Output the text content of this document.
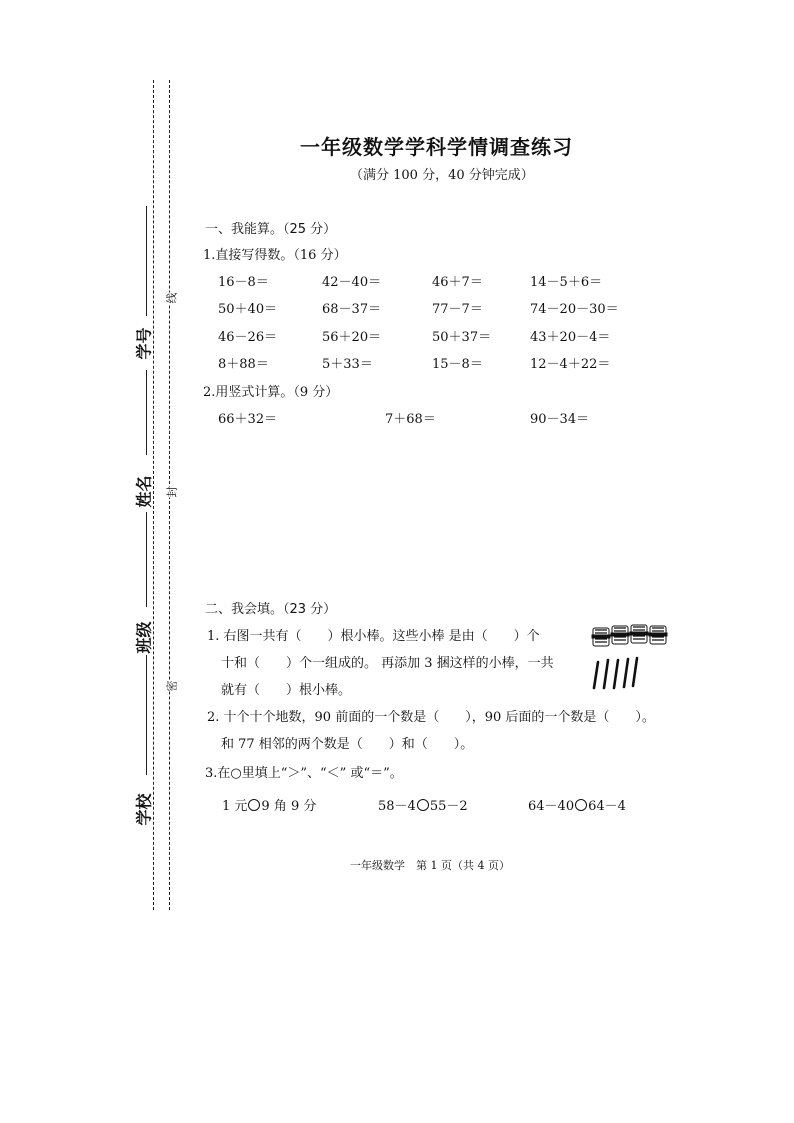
学号
姓名
班级
学校
线
封
密
一年级数学学科学情调查练习
（满分 100 分，40 分钟完成）
一、我能算。（25 分）
1.直接写得数。（16 分）
16－8＝	42－40＝	46＋7＝	14－5＋6＝
50＋40＝	68－37＝	77－7＝	74－20－30＝
46－26＝	56＋20＝	50＋37＝	43＋20－4＝
8＋88＝	5＋33＝	15－8＝	12－4＋22＝
2.用竖式计算。（9 分）
66＋32＝	7＋68＝	90－34＝
二、我会填。（23 分）
1. 右图一共有（　　）根小棒。这些小棒 是由（　　）个
十和（　　）个一组成的。 再添加 3 捆这样的小棒，一共
就有（　　）根小棒。
2. 十个十个地数，90 前面的一个数是（　　），90 后面的一个数是（　　）。
和 77 相邻的两个数是（　　）和（　　）。
3.在○里填上“＞”、“＜” 或“＝”。
1 元 9 角 9 分	58－4 55－2	64－40 64－4
一年级数学　第 1 页（共 4 页）
